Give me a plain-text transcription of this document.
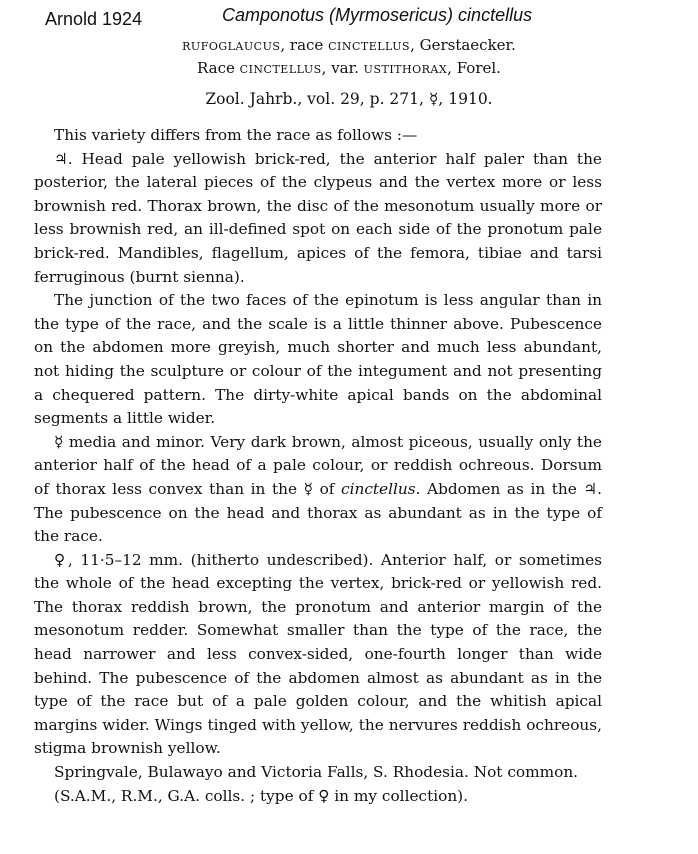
Arnold 1924	Camponotus (Myrmosericus) cinctellus
rufoglaucus, race cinctellus, Gerstaecker.
Race cinctellus, var. ustithorax, Forel.
Zool. Jahrb., vol. 29, p. 271, ☿, 1910.

This variety differs from the race as follows :—

♃. Head pale yellowish brick-red, the anterior half paler than the posterior, the lateral pieces of the clypeus and the vertex more or less brownish red. Thorax brown, the disc of the mesonotum usually more or less brownish red, an ill-defined spot on each side of the pronotum pale brick-red. Mandibles, flagellum, apices of the femora, tibiae and tarsi ferruginous (burnt sienna).

The junction of the two faces of the epinotum is less angular than in the type of the race, and the scale is a little thinner above. Pubescence on the abdomen more greyish, much shorter and much less abundant, not hiding the sculpture or colour of the integument and not presenting a chequered pattern. The dirty-white apical bands on the abdominal segments a little wider.

☿ media and minor. Very dark brown, almost piceous, usually only the anterior half of the head of a pale colour, or reddish ochreous. Dorsum of thorax less convex than in the ☿ of cinctellus. Abdomen as in the ♃. The pubescence on the head and thorax as abundant as in the type of the race.

♀, 11·5–12 mm. (hitherto undescribed). Anterior half, or sometimes the whole of the head excepting the vertex, brick-red or yellowish red. The thorax reddish brown, the pronotum and anterior margin of the mesonotum redder. Somewhat smaller than the type of the race, the head narrower and less convex-sided, one-fourth longer than wide behind. The pubescence of the abdomen almost as abundant as in the type of the race but of a pale golden colour, and the whitish apical margins wider. Wings tinged with yellow, the nervures reddish ochreous, stigma brownish yellow.

Springvale, Bulawayo and Victoria Falls, S. Rhodesia. Not common.

(S.A.M., R.M., G.A. colls. ; type of ♀ in my collection).
